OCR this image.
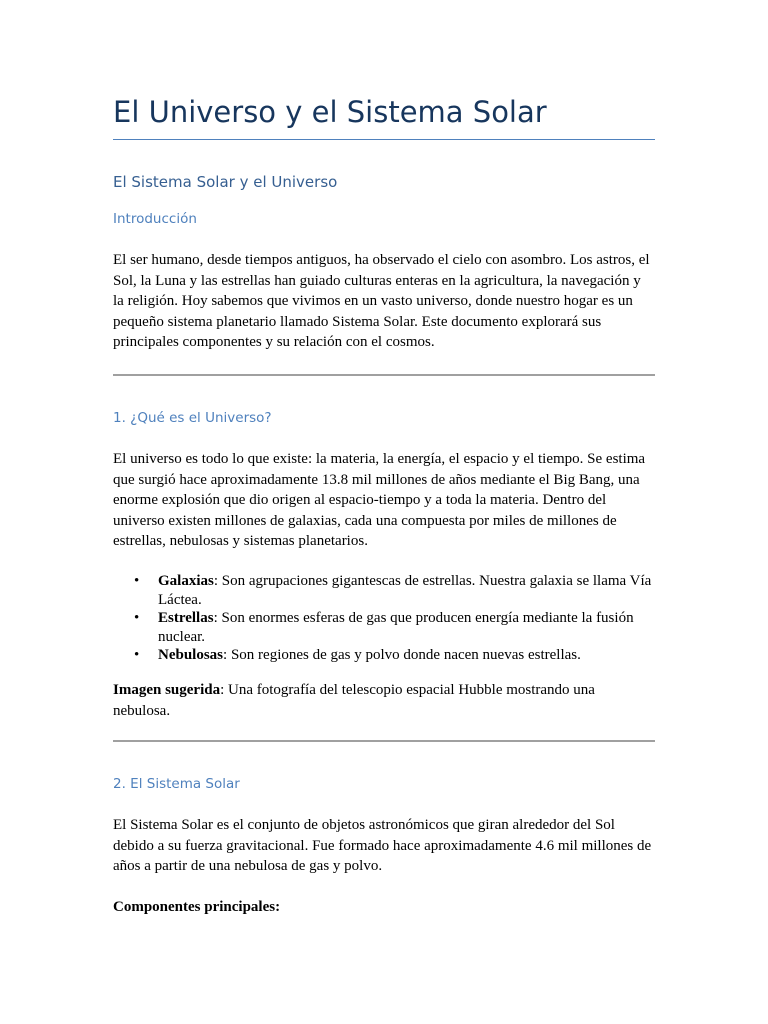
El Universo y el Sistema Solar
El Sistema Solar y el Universo
Introducción

El ser humano, desde tiempos antiguos, ha observado el cielo con asombro. Los astros, el Sol, la Luna y las estrellas han guiado culturas enteras en la agricultura, la navegación y la religión. Hoy sabemos que vivimos en un vasto universo, donde nuestro hogar es un pequeño sistema planetario llamado Sistema Solar. Este documento explorará sus principales componentes y su relación con el cosmos.

1. ¿Qué es el Universo?

El universo es todo lo que existe: la materia, la energía, el espacio y el tiempo. Se estima que surgió hace aproximadamente 13.8 mil millones de años mediante el Big Bang, una enorme explosión que dio origen al espacio-tiempo y a toda la materia. Dentro del universo existen millones de galaxias, cada una compuesta por miles de millones de estrellas, nebulosas y sistemas planetarios.

• Galaxias: Son agrupaciones gigantescas de estrellas. Nuestra galaxia se llama Vía Láctea.
• Estrellas: Son enormes esferas de gas que producen energía mediante la fusión nuclear.
• Nebulosas: Son regiones de gas y polvo donde nacen nuevas estrellas.

Imagen sugerida: Una fotografía del telescopio espacial Hubble mostrando una nebulosa.

2. El Sistema Solar

El Sistema Solar es el conjunto de objetos astronómicos que giran alrededor del Sol debido a su fuerza gravitacional. Fue formado hace aproximadamente 4.6 mil millones de años a partir de una nebulosa de gas y polvo.

Componentes principales:
